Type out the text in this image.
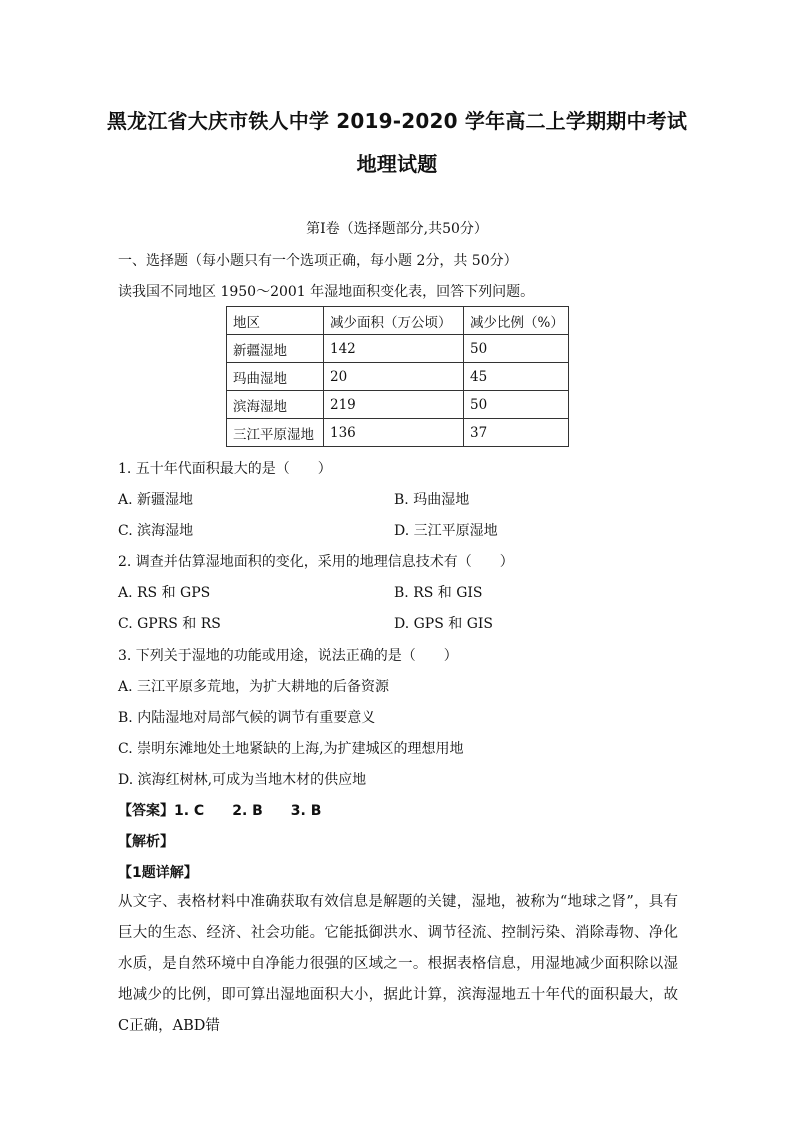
黑龙江省大庆市铁人中学 2019-2020 学年高二上学期期中考试
地理试题
第Ⅰ卷（选择题部分,共50分）
一、选择题（每小题只有一个选项正确，每小题 2分，共 50分）
读我国不同地区 1950～2001 年湿地面积变化表，回答下列问题。
地区	减少面积（万公顷）	减少比例（%）
新疆湿地	142	50
玛曲湿地	20	45
滨海湿地	219	50
三江平原湿地	136	37
1. 五十年代面积最大的是（　　）
A. 新疆湿地	B. 玛曲湿地
C. 滨海湿地	D. 三江平原湿地
2. 调查并估算湿地面积的变化，采用的地理信息技术有（　　）
A. RS 和 GPS	B. RS 和 GIS
C. GPRS 和 RS	D. GPS 和 GIS
3. 下列关于湿地的功能或用途，说法正确的是（　　）
A. 三江平原多荒地，为扩大耕地的后备资源
B. 内陆湿地对局部气候的调节有重要意义
C. 崇明东滩地处土地紧缺的上海,为扩建城区的理想用地
D. 滨海红树林,可成为当地木材的供应地
【答案】1. C　　2. B　　3. B
【解析】
【1题详解】
从文字、表格材料中准确获取有效信息是解题的关键，湿地，被称为“地球之肾”，具有巨大的生态、经济、社会功能。它能抵御洪水、调节径流、控制污染、消除毒物、净化水质，是自然环境中自净能力很强的区域之一。根据表格信息，用湿地减少面积除以湿地减少的比例，即可算出湿地面积大小，据此计算，滨海湿地五十年代的面积最大，故C正确，ABD错
